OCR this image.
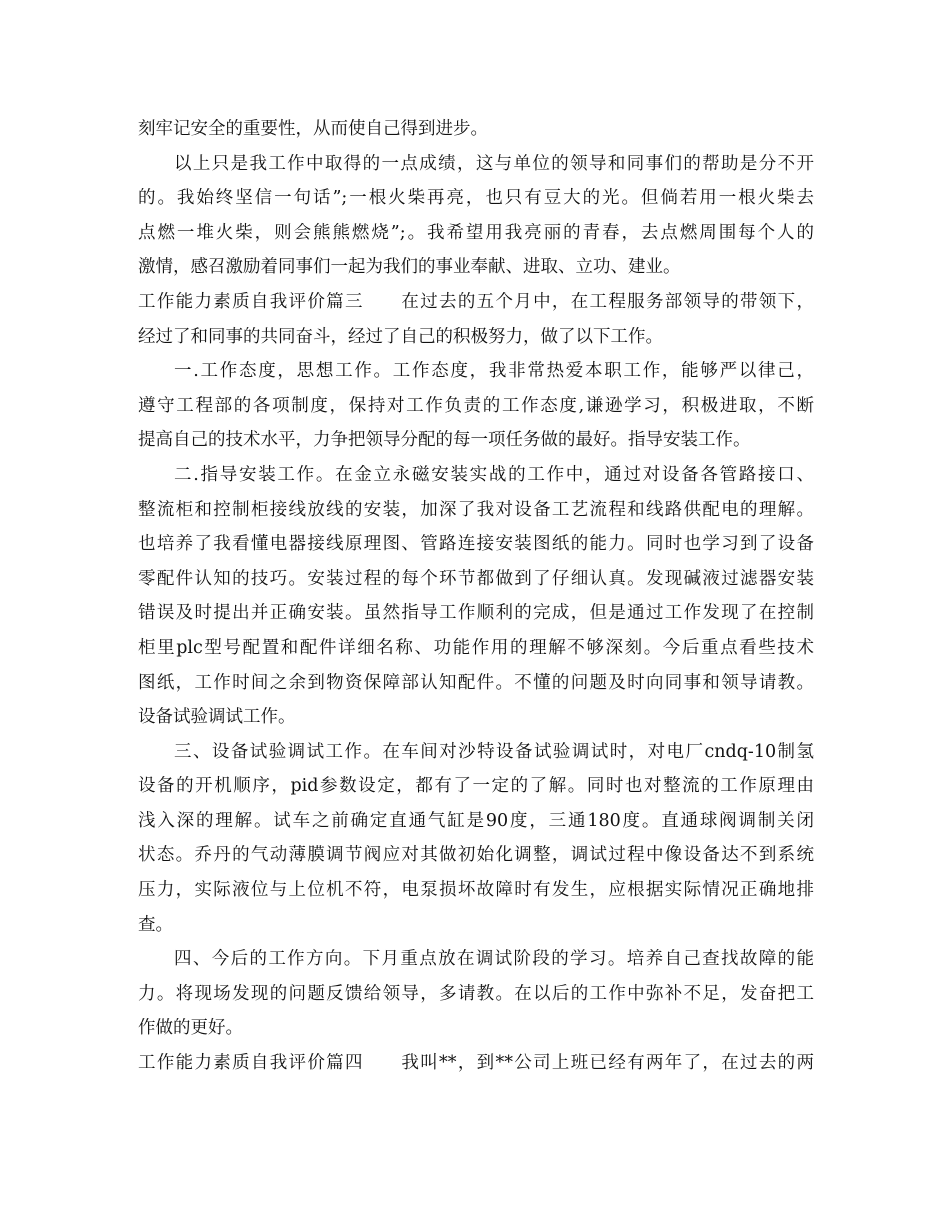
刻牢记安全的重要性，从而使自己得到进步。
以上只是我工作中取得的一点成绩，这与单位的领导和同事们的帮助是分不开
的。我始终坚信一句话”;一根火柴再亮，也只有豆大的光。但倘若用一根火柴去
点燃一堆火柴，则会熊熊燃烧”;。我希望用我亮丽的青春，去点燃周围每个人的
激情，感召激励着同事们一起为我们的事业奉献、进取、立功、建业。
工作能力素质自我评价篇三　　在过去的五个月中，在工程服务部领导的带领下，
经过了和同事的共同奋斗，经过了自己的积极努力，做了以下工作。
一.工作态度，思想工作。工作态度，我非常热爱本职工作，能够严以律己，
遵守工程部的各项制度，保持对工作负责的工作态度,谦逊学习，积极进取，不断
提高自己的技术水平，力争把领导分配的每一项任务做的最好。指导安装工作。
二.指导安装工作。在金立永磁安装实战的工作中，通过对设备各管路接口、
整流柜和控制柜接线放线的安装，加深了我对设备工艺流程和线路供配电的理解。
也培养了我看懂电器接线原理图、管路连接安装图纸的能力。同时也学习到了设备
零配件认知的技巧。安装过程的每个环节都做到了仔细认真。发现碱液过滤器安装
错误及时提出并正确安装。虽然指导工作顺利的完成，但是通过工作发现了在控制
柜里plc型号配置和配件详细名称、功能作用的理解不够深刻。今后重点看些技术
图纸，工作时间之余到物资保障部认知配件。不懂的问题及时向同事和领导请教。
设备试验调试工作。
三、设备试验调试工作。在车间对沙特设备试验调试时，对电厂cndq-10制氢
设备的开机顺序，pid参数设定，都有了一定的了解。同时也对整流的工作原理由
浅入深的理解。试车之前确定直通气缸是90度，三通180度。直通球阀调制关闭
状态。乔丹的气动薄膜调节阀应对其做初始化调整，调试过程中像设备达不到系统
压力，实际液位与上位机不符，电泵损坏故障时有发生，应根据实际情况正确地排
查。
四、今后的工作方向。下月重点放在调试阶段的学习。培养自己查找故障的能
力。将现场发现的问题反馈给领导，多请教。在以后的工作中弥补不足，发奋把工
作做的更好。
工作能力素质自我评价篇四　　我叫**，到**公司上班已经有两年了，在过去的两
